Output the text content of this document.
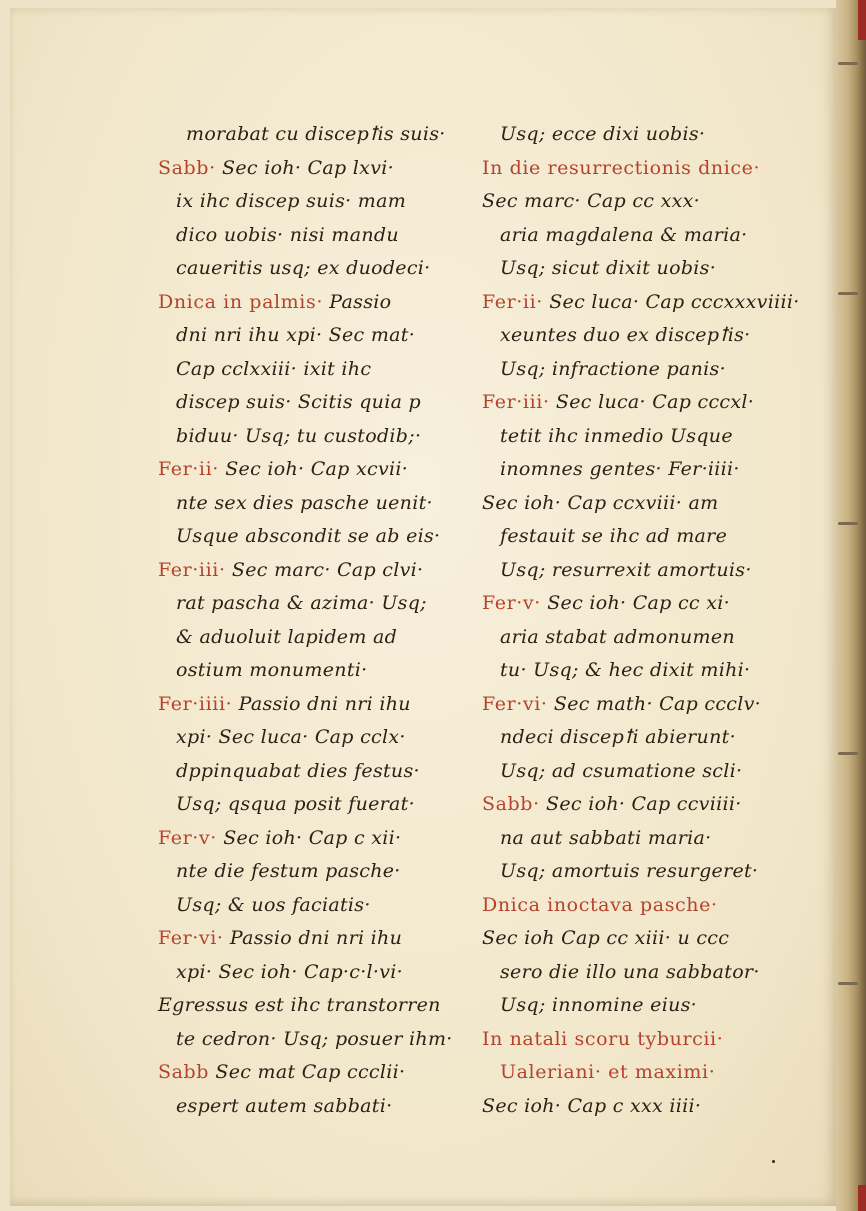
morabat cu discepꝉis suis·
Sabb· Sec ioh· Cap lxvi·
ix ihc discep suis· mam
dico uobis· nisi mandu
caueritis usq; ex duodeci·
Dnica in palmis· Passio
dni nri ihu xpi· Sec mat·
Cap cclxxiii· ixit ihc
discep suis· Scitis quia p
biduu· Usq; tu custodib;·
Fer·ii· Sec ioh· Cap xcvii·
nte sex dies pasche uenit·
Usque abscondit se ab eis·
Fer·iii· Sec marc· Cap clvi·
rat pascha & azima· Usq;
& aduoluit lapidem ad
ostium monumenti·
Fer·iiii· Passio dni nri ihu
xpi· Sec luca· Cap cclx·
dppinquabat dies festus·
Usq; qsqua posit fuerat·
Fer·v· Sec ioh· Cap c xii·
nte die festum pasche·
Usq; & uos faciatis·
Fer·vi· Passio dni nri ihu
xpi· Sec ioh· Cap·c·l·vi·
Egressus est ihc transtorren
te cedron· Usq; posuer ihm·
Sabb Sec mat Cap ccclii·
espert autem sabbati·
Usq; ecce dixi uobis·
In die resurrectionis dnice·
Sec marc· Cap cc xxx·
aria magdalena & maria·
Usq; sicut dixit uobis·
Fer·ii· Sec luca· Cap cccxxxviiii·
xeuntes duo ex discepꝉis·
Usq; infractione panis·
Fer·iii· Sec luca· Cap cccxl·
tetit ihc inmedio Usque
inomnes gentes· Fer·iiii·
Sec ioh· Cap ccxviii· am
festauit se ihc ad mare
Usq; resurrexit amortuis·
Fer·v· Sec ioh· Cap cc xi·
aria stabat admonumen
tu· Usq; & hec dixit mihi·
Fer·vi· Sec math· Cap ccclv·
ndeci discepꝉi abierunt·
Usq; ad csumatione scli·
Sabb· Sec ioh· Cap ccviiii·
na aut sabbati maria·
Usq; amortuis resurgeret·
Dnica inoctava pasche·
Sec ioh Cap cc xiii· u ccc
sero die illo una sabbator·
Usq; innomine eius·
In natali scoru tyburcii·
Ualeriani· et maximi·
Sec ioh· Cap c xxx iiii·
